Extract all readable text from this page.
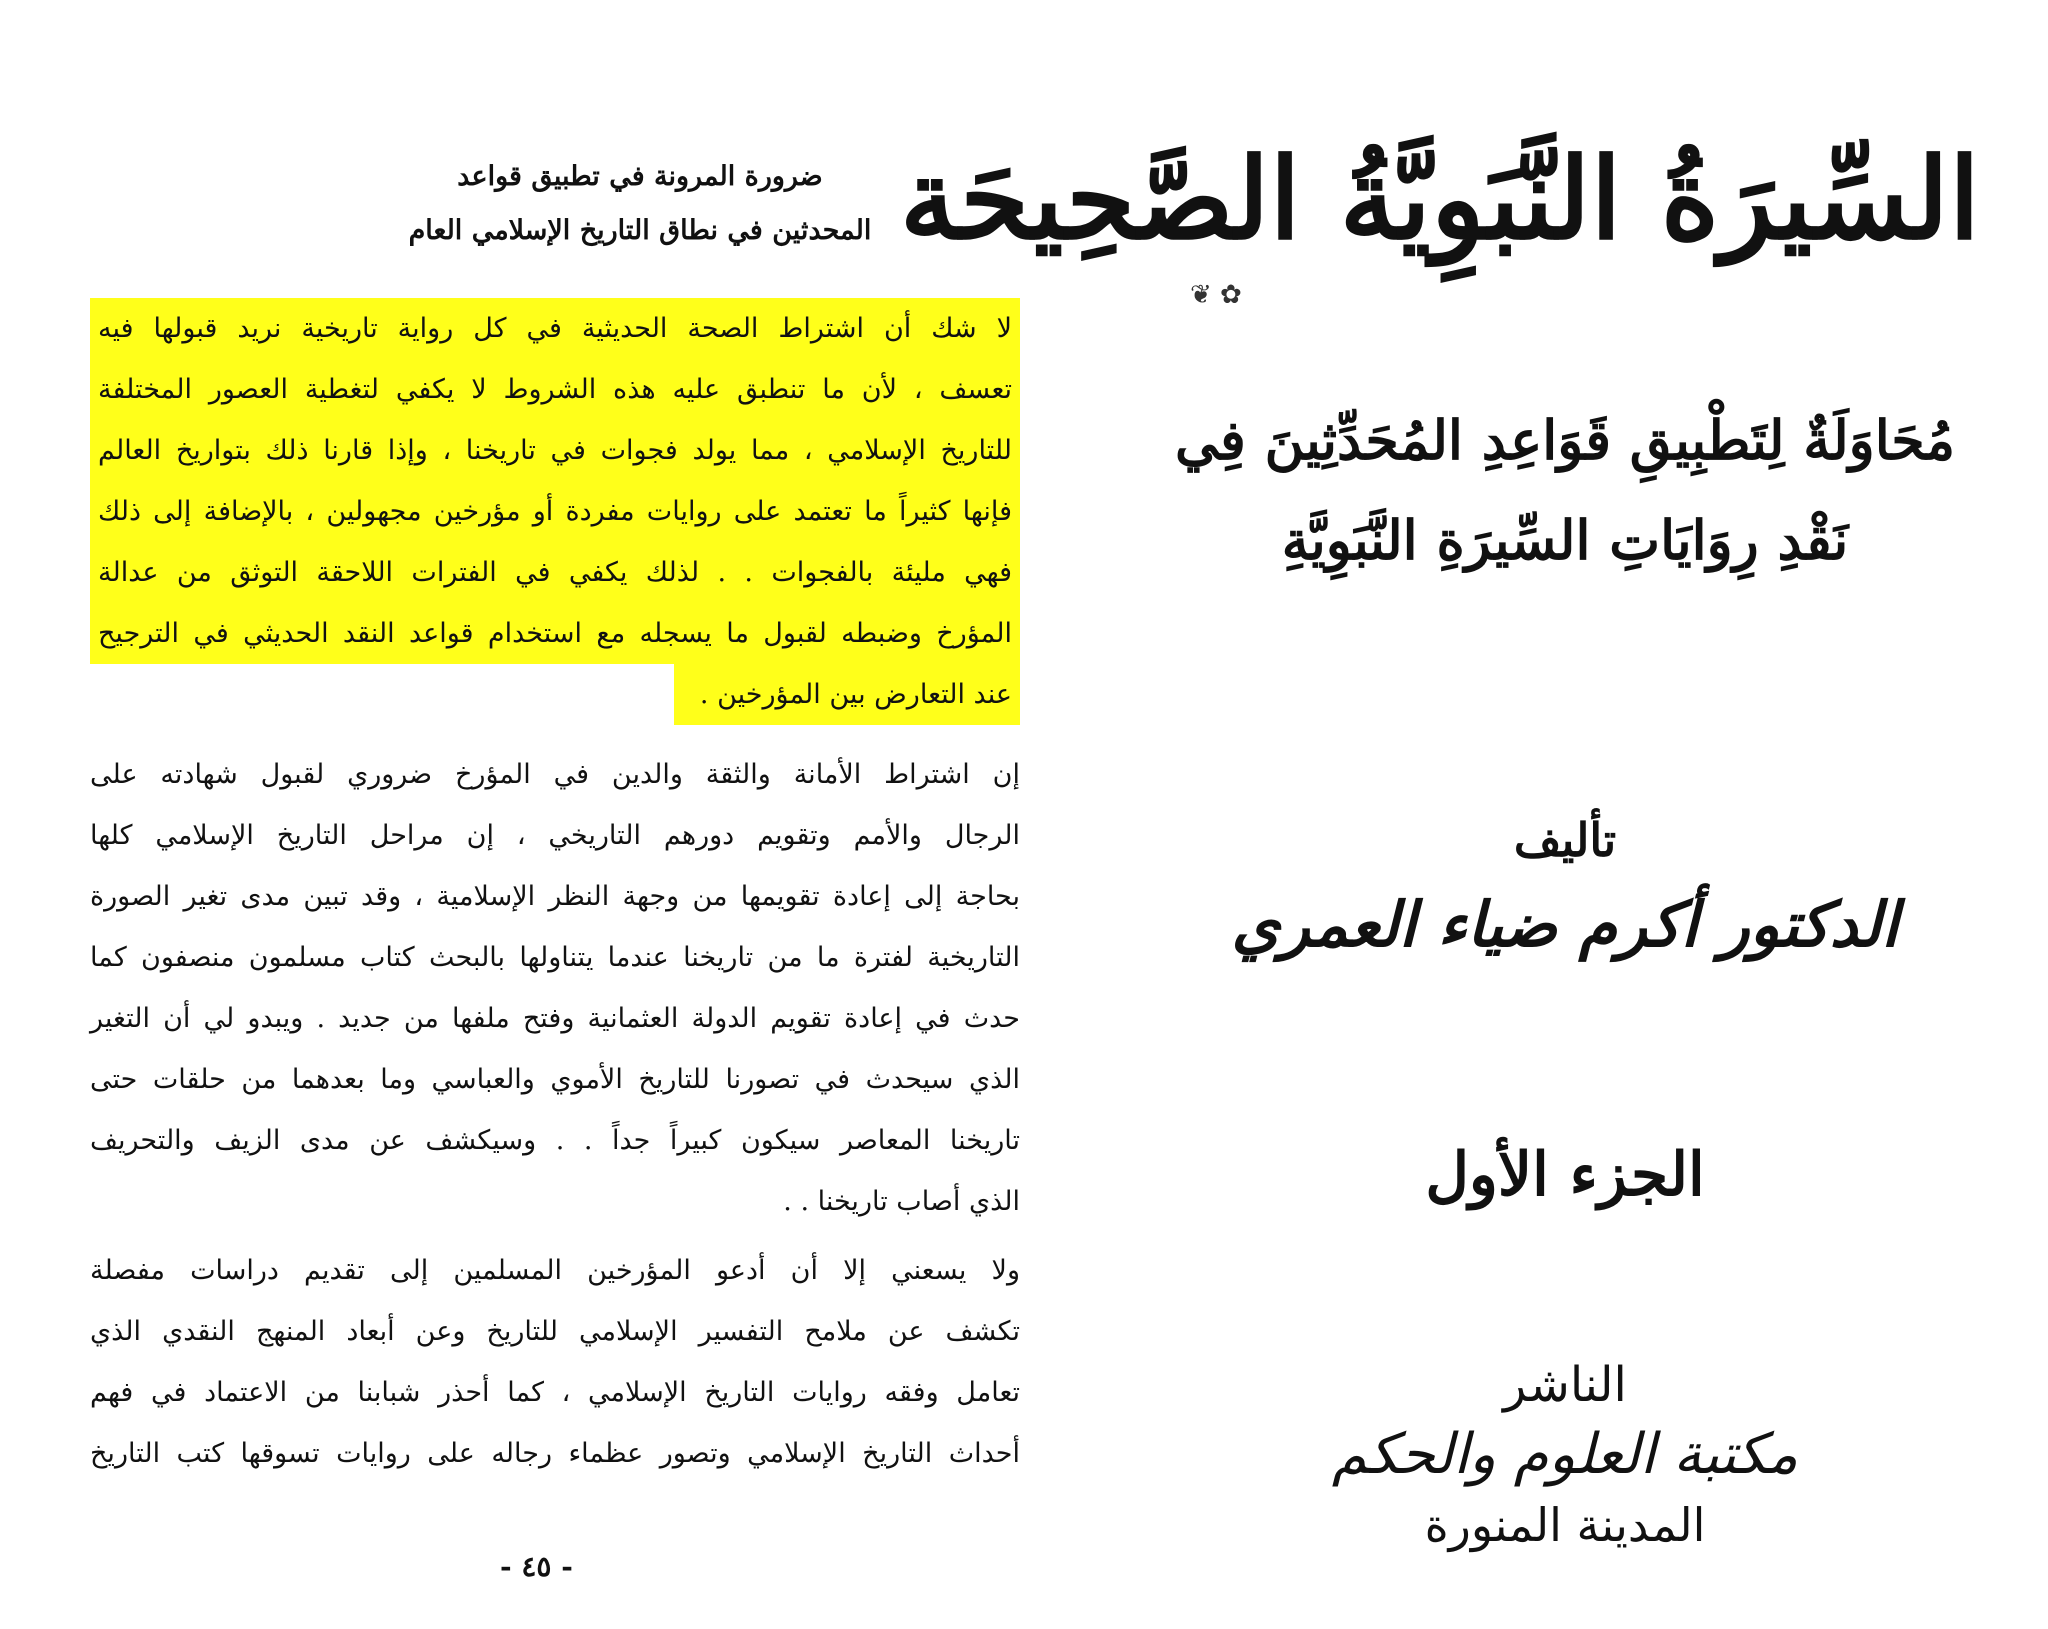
ضرورة المرونة في تطبيق قواعد
المحدثين في نطاق التاريخ الإسلامي العام
لا شك أن اشتراط الصحة الحديثية في كل رواية تاريخية نريد قبولها فيه
تعسف ، لأن ما تنطبق عليه هذه الشروط لا يكفي لتغطية العصور المختلفة
للتاريخ الإسلامي ، مما يولد فجوات في تاريخنا ، وإذا قارنا ذلك بتواريخ العالم
فإنها كثيراً ما تعتمد على روايات مفردة أو مؤرخين مجهولين ، بالإضافة إلى ذلك
فهي مليئة بالفجوات . . لذلك يكفي في الفترات اللاحقة التوثق من عدالة
المؤرخ وضبطه لقبول ما يسجله مع استخدام قواعد النقد الحديثي في الترجيح
عند التعارض بين المؤرخين .
إن اشتراط الأمانة والثقة والدين في المؤرخ ضروري لقبول شهادته على
الرجال والأمم وتقويم دورهم التاريخي ، إن مراحل التاريخ الإسلامي كلها
بحاجة إلى إعادة تقويمها من وجهة النظر الإسلامية ، وقد تبين مدى تغير الصورة
التاريخية لفترة ما من تاريخنا عندما يتناولها بالبحث كتاب مسلمون منصفون كما
حدث في إعادة تقويم الدولة العثمانية وفتح ملفها من جديد . ويبدو لي أن التغير
الذي سيحدث في تصورنا للتاريخ الأموي والعباسي وما بعدهما من حلقات حتى
تاريخنا المعاصر سيكون كبيراً جداً . . وسيكشف عن مدى الزيف والتحريف
الذي أصاب تاريخنا . .
ولا يسعني إلا أن أدعو المؤرخين المسلمين إلى تقديم دراسات مفصلة
تكشف عن ملامح التفسير الإسلامي للتاريخ وعن أبعاد المنهج النقدي الذي
تعامل وفقه روايات التاريخ الإسلامي ، كما أحذر شبابنا من الاعتماد في فهم
أحداث التاريخ الإسلامي وتصور عظماء رجاله على روايات تسوقها كتب التاريخ
- ٤٥ -
السِّيرَةُ النَّبَوِيَّةُ الصَّحِيحَة
✿ ❦
مُحَاوَلَةٌ لِتَطْبِيقِ قَوَاعِدِ المُحَدِّثِينَ فِي
نَقْدِ رِوَايَاتِ السِّيرَةِ النَّبَوِيَّةِ
تأليف
الدكتور أكرم ضياء العمري
الجزء الأول
الناشر
مكتبة العلوم والحكم
المدينة المنورة
